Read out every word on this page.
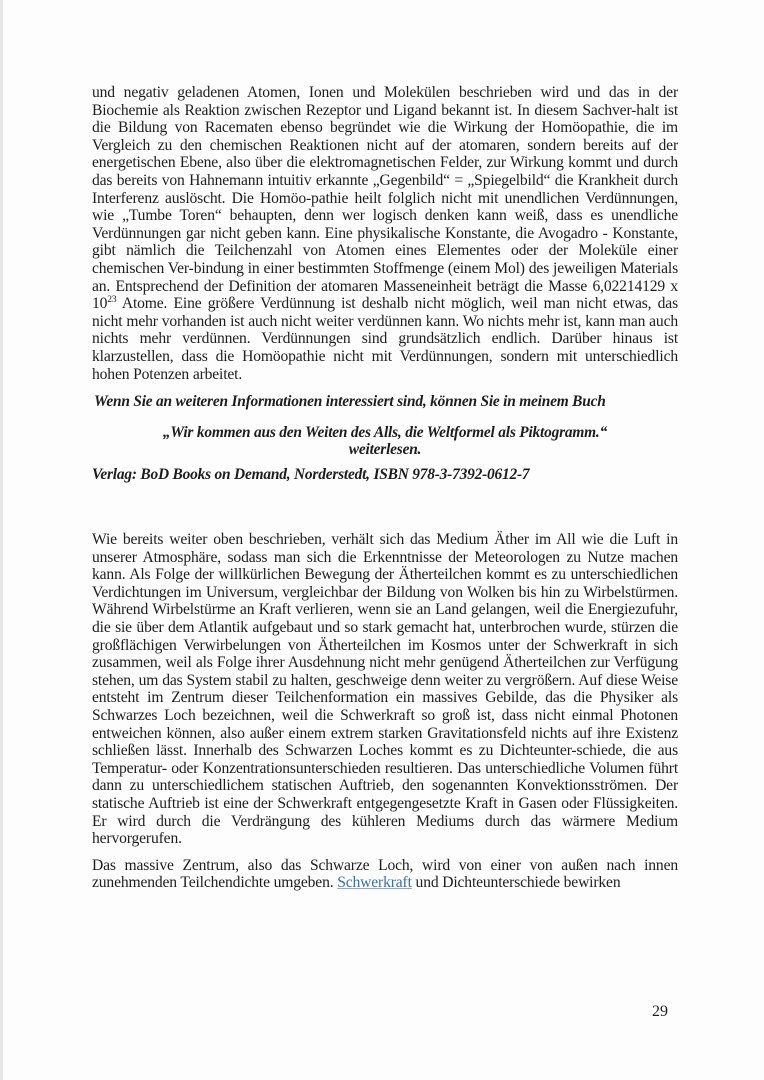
und negativ geladenen Atomen, Ionen und Molekülen beschrieben wird und das in der Biochemie als Reaktion zwischen Rezeptor und Ligand bekannt ist. In diesem Sachver-halt ist die Bildung von Racematen ebenso begründet wie die Wirkung der Homöopathie, die im Vergleich zu den chemischen Reaktionen nicht auf der atomaren, sondern bereits auf der energetischen Ebene, also über die elektromagnetischen Felder, zur Wirkung kommt und durch das bereits von Hahnemann intuitiv erkannte „Gegenbild“ = „Spiegelbild“ die Krankheit durch Interferenz auslöscht. Die Homöo-pathie heilt folglich nicht mit unendlichen Verdünnungen, wie „Tumbe Toren“ behaupten, denn wer logisch denken kann weiß, dass es unendliche Verdünnungen gar nicht geben kann. Eine physikalische Konstante, die Avogadro - Konstante, gibt nämlich die Teilchenzahl von Atomen eines Elementes oder der Moleküle einer chemischen Ver-bindung in einer bestimmten Stoffmenge (einem Mol) des jeweiligen Materials an. Entsprechend der Definition der atomaren Masseneinheit beträgt die Masse 6,02214129 x $10^{23}$ Atome. Eine größere Verdünnung ist deshalb nicht möglich, weil man nicht etwas, das nicht mehr vorhanden ist auch nicht weiter verdünnen kann. Wo nichts mehr ist, kann man auch nichts mehr verdünnen. Verdünnungen sind grundsätzlich endlich. Darüber hinaus ist klarzustellen, dass die Homöopathie nicht mit Verdünnungen, sondern mit unterschiedlich hohen Potenzen arbeitet.

Wenn Sie an weiteren Informationen interessiert sind, können Sie in meinem Buch

„Wir kommen aus den Weiten des Alls, die Weltformel als Piktogramm.“

weiterlesen.

Verlag: BoD Books on Demand, Norderstedt, ISBN 978-3-7392-0612-7

Wie bereits weiter oben beschrieben, verhält sich das Medium Äther im All wie die Luft in unserer Atmosphäre, sodass man sich die Erkenntnisse der Meteorologen zu Nutze machen kann. Als Folge der willkürlichen Bewegung der Ätherteilchen kommt es zu unterschiedlichen Verdichtungen im Universum, vergleichbar der Bildung von Wolken bis hin zu Wirbelstürmen. Während Wirbelstürme an Kraft verlieren, wenn sie an Land gelangen, weil die Energiezufuhr, die sie über dem Atlantik aufgebaut und so stark gemacht hat, unterbrochen wurde, stürzen die großflächigen Verwirbelungen von Ätherteilchen im Kosmos unter der Schwerkraft in sich zusammen, weil als Folge ihrer Ausdehnung nicht mehr genügend Ätherteilchen zur Verfügung stehen, um das System stabil zu halten, geschweige denn weiter zu vergrößern. Auf diese Weise entsteht im Zentrum dieser Teilchenformation ein massives Gebilde, das die Physiker als Schwarzes Loch bezeichnen, weil die Schwerkraft so groß ist, dass nicht einmal Photonen entweichen können, also außer einem extrem starken Gravitationsfeld nichts auf ihre Existenz schließen lässt. Innerhalb des Schwarzen Loches kommt es zu Dichteunter-schiede, die aus Temperatur- oder Konzentrationsunterschieden resultieren. Das unterschiedliche Volumen führt dann zu unterschiedlichem statischen Auftrieb, den sogenannten Konvektionsströmen. Der statische Auftrieb ist eine der Schwerkraft entgegengesetzte Kraft in Gasen oder Flüssigkeiten. Er wird durch die Verdrängung des kühleren Mediums durch das wärmere Medium hervorgerufen.

Das massive Zentrum, also das Schwarze Loch, wird von einer von außen nach innen zunehmenden Teilchendichte umgeben. Schwerkraft und Dichteunterschiede bewirken

29
